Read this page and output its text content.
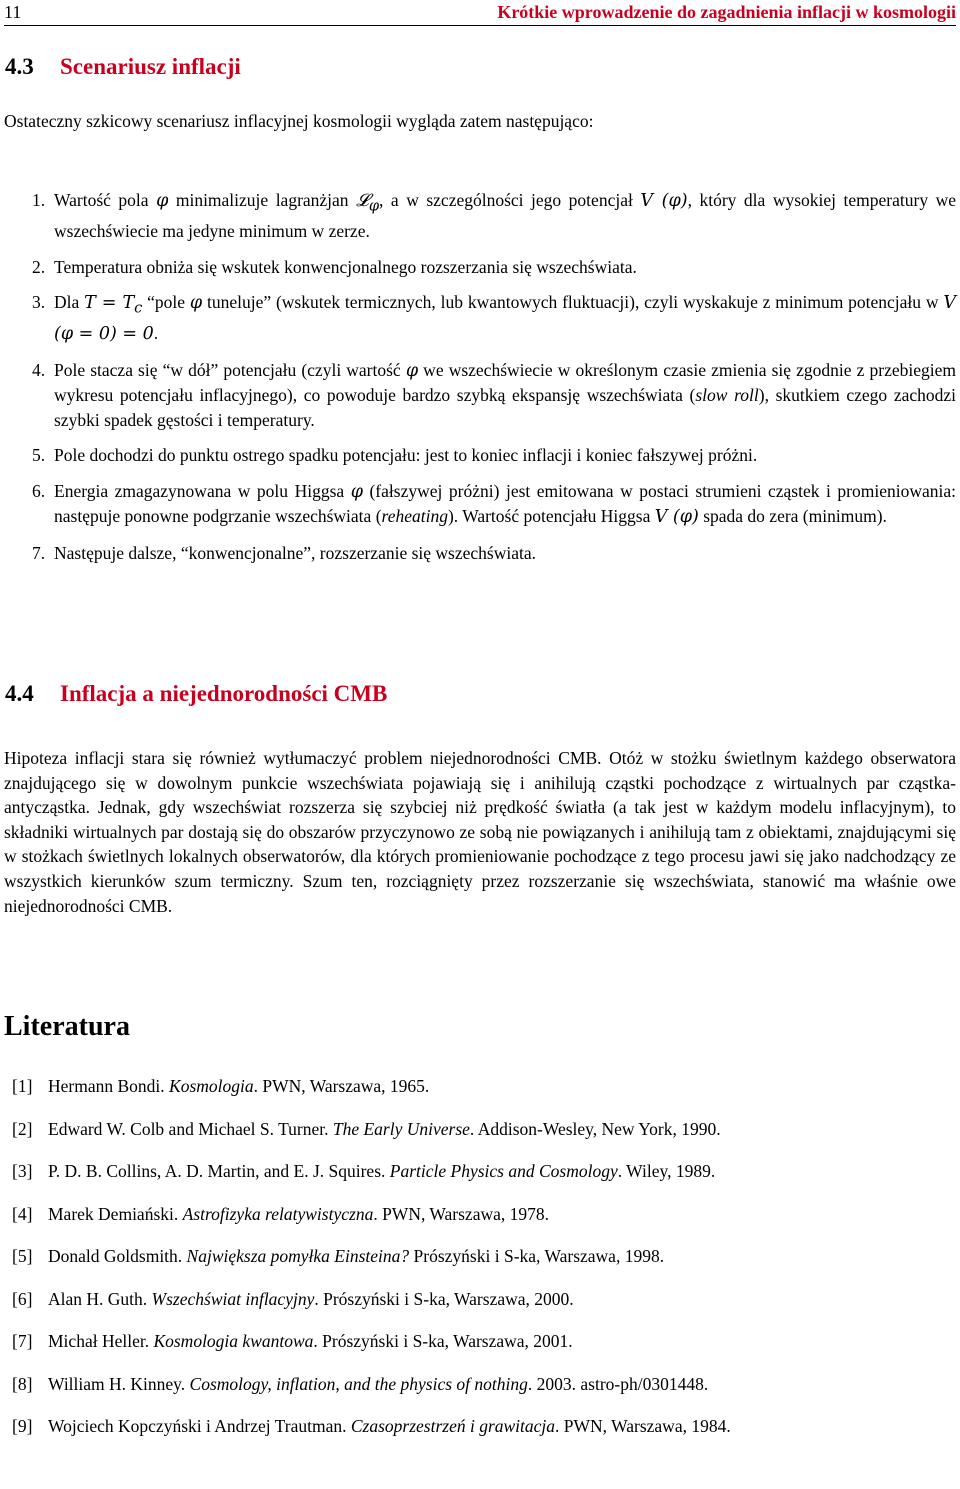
11	Krótkie wprowadzenie do zagadnienia inflacji w kosmologii
4.3 Scenariusz inflacji

Ostateczny szkicowy scenariusz inflacyjnej kosmologii wygląda zatem następująco:

1. Wartość pola φ minimalizuje lagranżjan 𝓛$_\varphi$, a w szczególności jego potencjał V (φ), który dla wysokiej temperatury we wszechświecie ma jedyne minimum w zerze.
2. Temperatura obniża się wskutek konwencjonalnego rozszerzania się wszechświata.
3. Dla $T = T_c$ “pole φ tuneluje” (wskutek termicznych, lub kwantowych fluktuacji), czyli wyskakuje z minimum potencjału w V (φ = 0) = 0.
4. Pole stacza się “w dół” potencjału (czyli wartość φ we wszechświecie w określonym czasie zmienia się zgodnie z przebiegiem wykresu potencjału inflacyjnego), co powoduje bardzo szybką ekspansję wszechświata (slow roll), skutkiem czego zachodzi szybki spadek gęstości i temperatury.
5. Pole dochodzi do punktu ostrego spadku potencjału: jest to koniec inflacji i koniec fałszywej próżni.
6. Energia zmagazynowana w polu Higgsa φ (fałszywej próżni) jest emitowana w postaci strumieni cząstek i promieniowania: następuje ponowne podgrzanie wszechświata (reheating). Wartość potencjału Higgsa V (φ) spada do zera (minimum).
7. Następuje dalsze, “konwencjonalne”, rozszerzanie się wszechświata.
4.4 Inflacja a niejednorodności CMB

Hipoteza inflacji stara się również wytłumaczyć problem niejednorodności CMB. Otóż w stożku świetlnym każdego obserwatora znajdującego się w dowolnym punkcie wszechświata pojawiają się i anihilują cząstki pochodzące z wirtualnych par cząstka-antycząstka. Jednak, gdy wszechświat rozszerza się szybciej niż prędkość światła (a tak jest w każdym modelu inflacyjnym), to składniki wirtualnych par dostają się do obszarów przyczynowo ze sobą nie powiązanych i anihilują tam z obiektami, znajdującymi się w stożkach świetlnych lokalnych obserwatorów, dla których promieniowanie pochodzące z tego procesu jawi się jako nadchodzący ze wszystkich kierunków szum termiczny. Szum ten, rozciągnięty przez rozszerzanie się wszechświata, stanowić ma właśnie owe niejednorodności CMB.

Literatura
[1] Hermann Bondi. Kosmologia. PWN, Warszawa, 1965.
[2] Edward W. Colb and Michael S. Turner. The Early Universe. Addison-Wesley, New York, 1990.
[3] P. D. B. Collins, A. D. Martin, and E. J. Squires. Particle Physics and Cosmology. Wiley, 1989.
[4] Marek Demiański. Astrofizyka relatywistyczna. PWN, Warszawa, 1978.
[5] Donald Goldsmith. Największa pomyłka Einsteina? Prószyński i S-ka, Warszawa, 1998.
[6] Alan H. Guth. Wszechświat inflacyjny. Prószyński i S-ka, Warszawa, 2000.
[7] Michał Heller. Kosmologia kwantowa. Prószyński i S-ka, Warszawa, 2001.
[8] William H. Kinney. Cosmology, inflation, and the physics of nothing. 2003. astro-ph/0301448.
[9] Wojciech Kopczyński i Andrzej Trautman. Czasoprzestrzeń i grawitacja. PWN, Warszawa, 1984.
